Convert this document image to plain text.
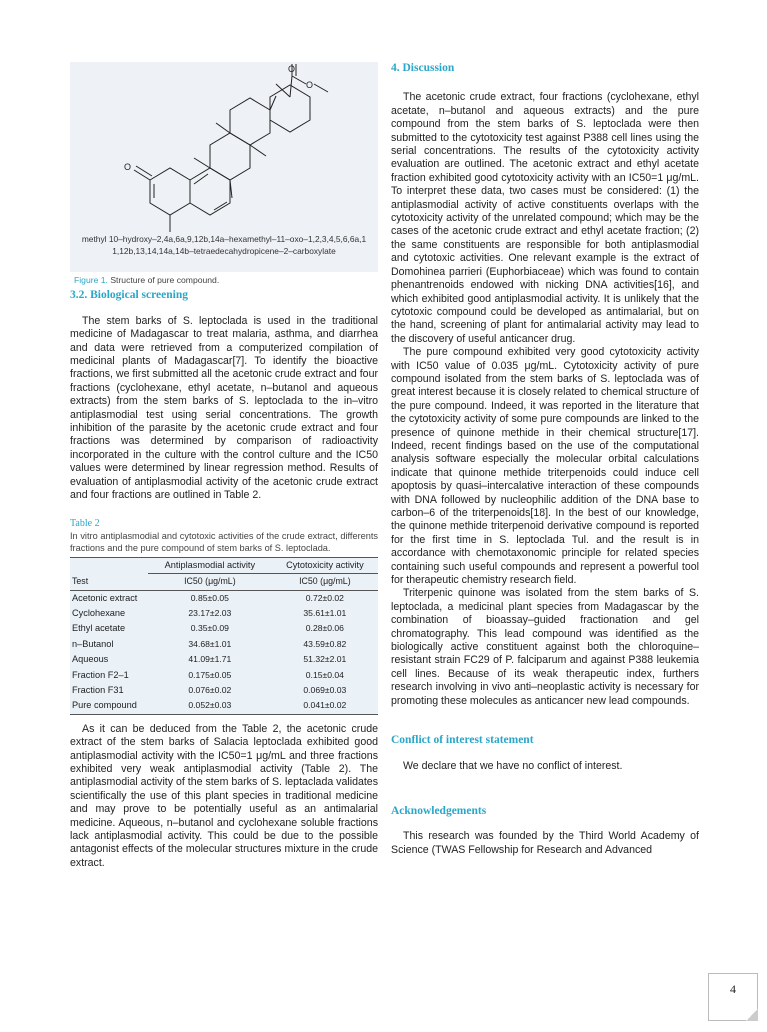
O
O
O
methyl 10–hydroxy–2,4a,6a,9,12b,14a–hexamethyl–11–oxo–1,2,3,4,5,6,6a,1
1,12b,13,14,14a,14b–tetraedecahydropicene–2–carboxylate
Figure 1. Structure of pure compound.
3.2. Biological screening

The stem barks of S. leptoclada is used in the traditional medicine of Madagascar to treat malaria, asthma, and diarrhea and data were retrieved from a computerized compilation of medicinal plants of Madagascar[7]. To identify the bioactive fractions, we first submitted all the acetonic crude extract and four fractions (cyclohexane, ethyl acetate, n–butanol and aqueous extracts) from the stem barks of S. leptoclada to the in–vitro antiplasmodial test using serial concentrations. The growth inhibition of the parasite by the acetonic crude extract and four fractions was determined by comparison of radioactivity incorporated in the culture with the control culture and the IC50 values were determined by linear regression method. Results of evaluation of antiplasmodial activity of the acetonic crude extract and four fractions are outlined in Table 2.

Table 2
In vitro antiplasmodial and cytotoxic activities of the crude extract, differents fractions and the pure compound of stem barks of S. leptoclada.
	Antiplasmodial activity	Cytotoxicity activity
Test	IC50 (μg/mL)	IC50 (μg/mL)
Acetonic extract	0.85±0.05	0.72±0.02
Cyclohexane	23.17±2.03	35.61±1.01
Ethyl acetate	0.35±0.09	0.28±0.06
n–Butanol	34.68±1.01	43.59±0.82
Aqueous	41.09±1.71	51.32±2.01
Fraction F2–1	0.175±0.05	0.15±0.04
Fraction F31	0.076±0.02	0.069±0.03
Pure compound	0.052±0.03	0.041±0.02

As it can be deduced from the Table 2, the acetonic crude extract of the stem barks of Salacia leptoclada exhibited good antiplasmodial activity with the IC50=1 μg/mL and three fractions exhibited very weak antiplasmodial activity (Table 2). The antiplasmodial activity of the stem barks of S. leptaclada validates scientifically the use of this plant species in traditional medicine and may prove to be potentially useful as an antimalarial medicine. Aqueous, n–butanol and cyclohexane soluble fractions lack antiplasmodial activity. This could be due to the possible antagonist effects of the molecular structures mixture in the crude extract.

4. Discussion

The acetonic crude extract, four fractions (cyclohexane, ethyl acetate, n–butanol and aqueous extracts) and the pure compound from the stem barks of S. leptoclada were then submitted to the cytotoxicity test against P388 cell lines using the serial concentrations. The results of the cytotoxicity activity evaluation are outlined. The acetonic extract and ethyl acetate fraction exhibited good cytotoxicity activity with an IC50=1 μg/mL. To interpret these data, two cases must be considered: (1) the antiplasmodial activity of active constituents overlaps with the cytotoxicity activity of the unrelated compound; which may be the cases of the acetonic crude extract and ethyl acetate fraction; (2) the same constituents are responsible for both antiplasmodial and cytotoxic activities. One relevant example is the extract of Domohinea parrieri (Euphorbiaceae) which was found to contain phenantrenoids endowed with nicking DNA activities[16], and which exhibited good antiplasmodial activity. It is unlikely that the cytotoxic compound could be developed as antimalarial, but on the hand, screening of plant for antimalarial activity may lead to the discovery of useful anticancer drug.

The pure compound exhibited very good cytotoxicity activity with IC50 value of 0.035 μg/mL. Cytotoxicity activity of pure compound isolated from the stem barks of S. leptoclada was of great interest because it is closely related to chemical structure of the pure compound. Indeed, it was reported in the literature that the cytotoxicity activity of some pure compounds are linked to the presence of quinone methide in their chemical structure[17]. Indeed, recent findings based on the use of the computational analysis software especially the molecular orbital calculations indicate that quinone methide triterpenoids could induce cell apoptosis by quasi–intercalative interaction of these compounds with DNA followed by nucleophilic addition of the DNA base to carbon–6 of the triterpenoids[18]. In the best of our knowledge, the quinone methide triterpenoid derivative compound is reported for the first time in S. leptoclada Tul. and the result is in accordance with chemotaxonomic principle for related species containing such useful compounds and represent a powerful tool for therapeutic chemistry research field.

Triterpenic quinone was isolated from the stem barks of S. leptoclada, a medicinal plant species from Madagascar by the combination of bioassay–guided fractionation and gel chromatography. This lead compound was identified as the biologically active constituent against both the chloroquine–resistant strain FC29 of P. falciparum and against P388 leukemia cell lines. Because of its weak therapeutic index, furthers research involving in vivo anti–neoplastic activity is necessary for promoting these molecules as anticancer new lead compounds.

Conflict of interest statement

We declare that we have no conflict of interest.

Acknowledgements

This research was founded by the Third World Academy of Science (TWAS Fellowship for Research and Advanced

4
